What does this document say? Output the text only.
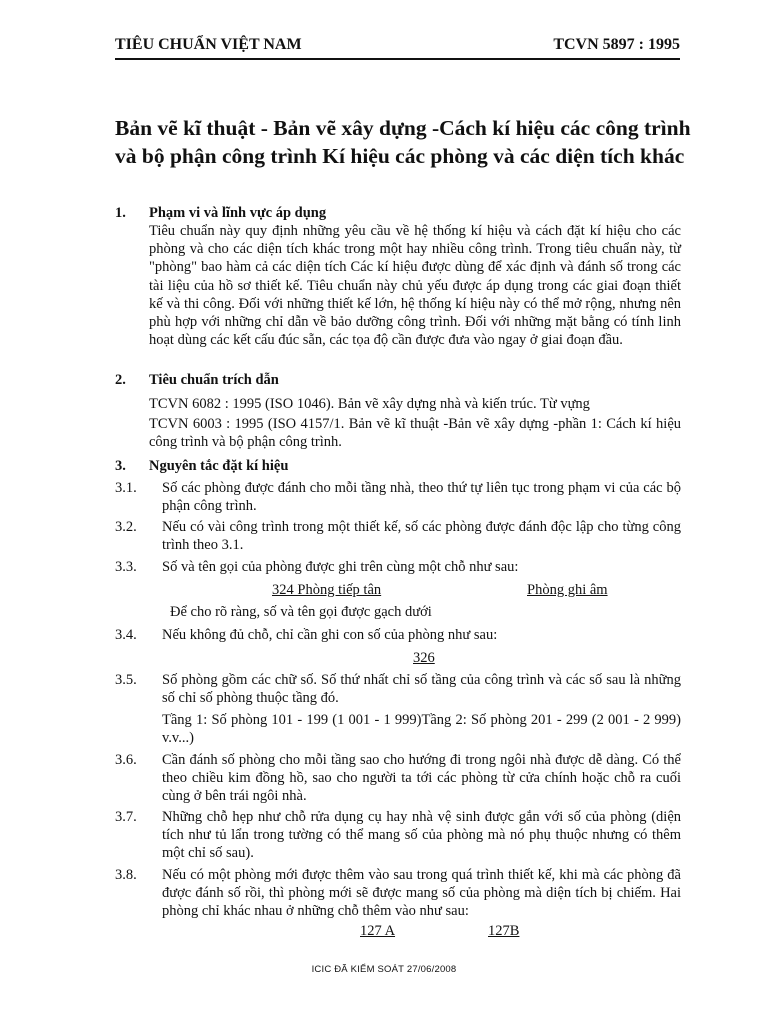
TIÊU CHUẨN VIỆT NAM	TCVN 5897 : 1995
Bản vẽ kĩ thuật - Bản vẽ xây dựng -Cách kí hiệu các công trình và bộ phận công trình Kí hiệu các phòng và các diện tích khác
1. Phạm vi và lĩnh vực áp dụng

Tiêu chuẩn này quy định những yêu cầu về hệ thống kí hiệu và cách đặt kí hiệu cho các phòng và cho các diện tích khác trong một hay nhiều công trình. Trong tiêu chuẩn này, từ "phòng" bao hàm cả các diện tích Các kí hiệu được dùng để xác định và đánh số trong các tài liệu của hồ sơ thiết kế. Tiêu chuẩn này chủ yếu được áp dụng trong các giai đoạn thiết kế và thi công. Đối với những thiết kế lớn, hệ thống kí hiệu này có thể mở rộng, nhưng nên phù hợp với những chỉ dẫn về bảo dưỡng công trình. Đối với những mặt bằng có tính linh hoạt dùng các kết cấu đúc sẵn, các tọa độ cần được đưa vào ngay ở giai đoạn đầu.

2. Tiêu chuẩn trích dẫn

TCVN 6082 : 1995 (ISO 1046). Bản vẽ xây dựng nhà và kiến trúc. Từ vựng

TCVN 6003 : 1995 (ISO 4157/1. Bản vẽ kĩ thuật -Bản vẽ xây dựng -phần 1: Cách kí hiệu công trình và bộ phận công trình.

3. Nguyên tắc đặt kí hiệu
3.1. Số các phòng được đánh cho mỗi tầng nhà, theo thứ tự liên tục trong phạm vi của các bộ phận công trình.
3.2. Nếu có vài công trình trong một thiết kế, số các phòng được đánh độc lập cho từng công trình theo 3.1.
3.3. Số và tên gọi của phòng được ghi trên cùng một chỗ như sau:
324 Phòng tiếp tân	Phòng ghi âm
Để cho rõ ràng, số và tên gọi được gạch dưới
3.4. Nếu không đủ chỗ, chỉ cần ghi con số của phòng như sau:
326
3.5. Số phòng gồm các chữ số. Số thứ nhất chỉ số tầng của công trình và các số sau là những số chỉ số phòng thuộc tầng đó.

Tầng 1: Số phòng 101 - 199 (1 001 - 1 999)Tầng 2: Số phòng 201 - 299 (2 001 - 2 999) v.v...)

3.6. Cần đánh số phòng cho mỗi tầng sao cho hướng đi trong ngôi nhà được dễ dàng. Có thể theo chiều kim đồng hồ, sao cho người ta tới các phòng từ cửa chính hoặc chỗ ra cuối cùng ở bên trái ngôi nhà.
3.7. Những chỗ hẹp như chỗ rửa dụng cụ hay nhà vệ sinh được gắn với số của phòng (diện tích như tủ lẩn trong tường có thể mang số của phòng mà nó phụ thuộc nhưng có thêm một chỉ số sau).
3.8. Nếu có một phòng mới được thêm vào sau trong quá trình thiết kế, khi mà các phòng đã được đánh số rồi, thì phòng mới sẽ được mang số của phòng mà diện tích bị chiếm. Hai phòng chỉ khác nhau ở những chỗ thêm vào như sau:
127 A	127B
ICIC ĐÃ KIỂM SOÁT 27/06/2008
